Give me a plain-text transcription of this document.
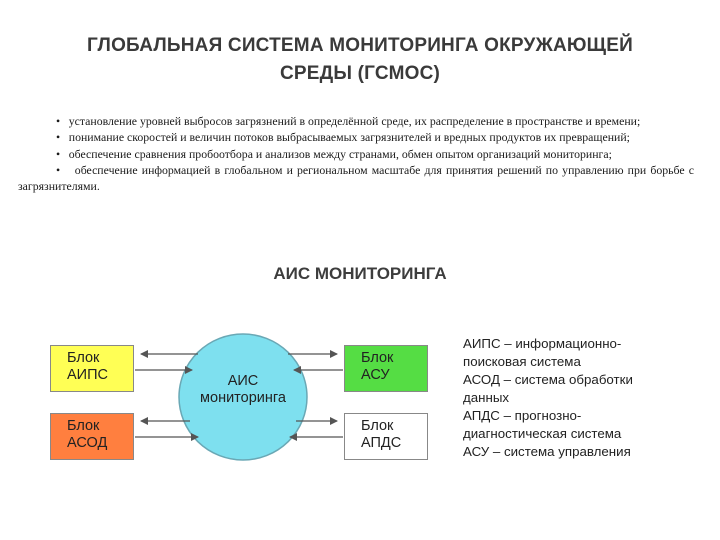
ГЛОБАЛЬНАЯ СИСТЕМА МОНИТОРИНГА ОКРУЖАЮЩЕЙ
СРЕДЫ (ГСМОС)
• установление уровней выбросов загрязнений в определённой среде, их распределение в пространстве и времени;
• понимание скоростей и величин потоков выбрасываемых загрязнителей и вредных продуктов их превращений;
• обеспечение сравнения пробоотбора и анализов между странами, обмен опытом организаций мониторинга;
• обеспечение информацией в глобальном и региональном масштабе для принятия решений по управлению при борьбе с загрязнителями.
АИС МОНИТОРИНГА
АИС
мониторинга
Блок
АИПС
Блок
АСУ
Блок
АСОД
Блок
АПДС
АИПС – информационно-
поисковая система
АСОД – система обработки
данных
АПДС – прогнозно-
диагностическая система
АСУ – система управления
